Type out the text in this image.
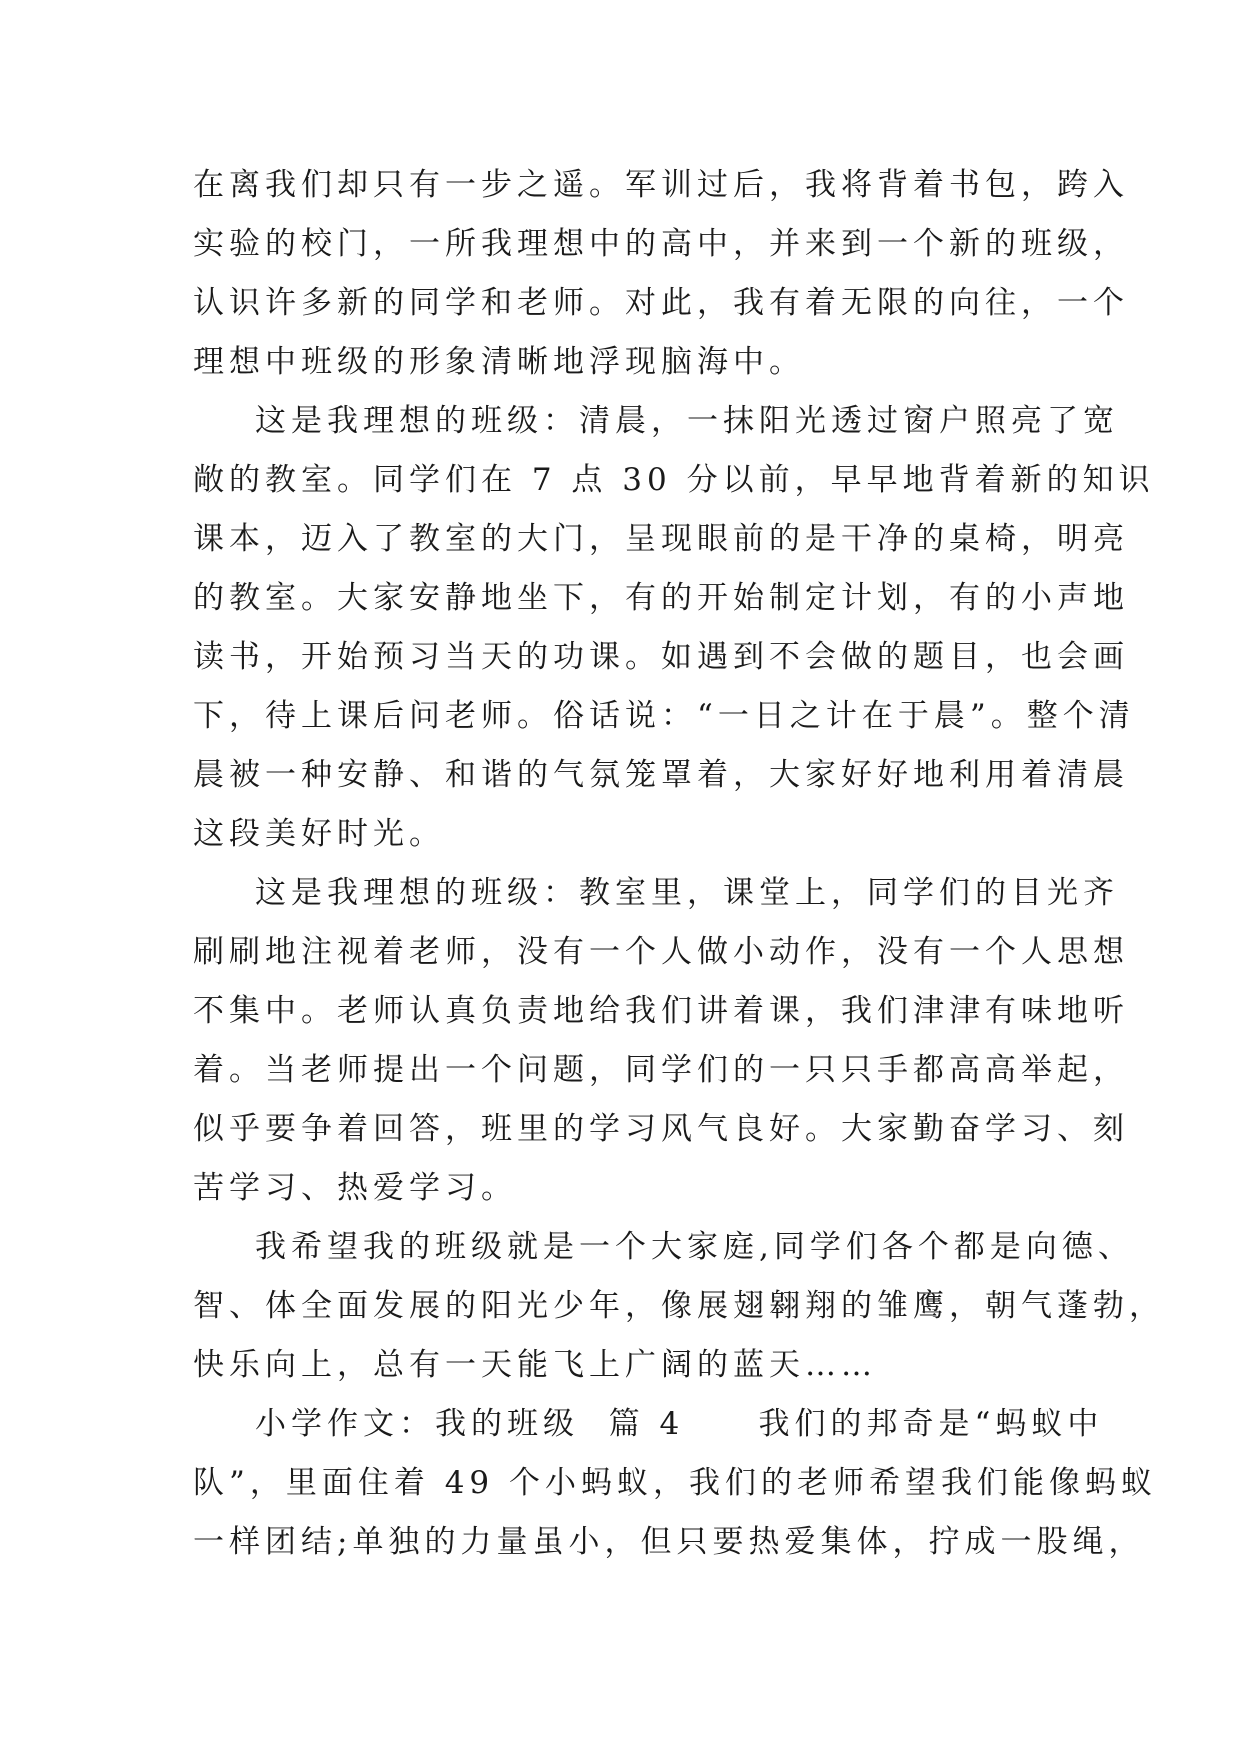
在离我们却只有一步之遥。军训过后，我将背着书包，跨入
实验的校门，一所我理想中的高中，并来到一个新的班级，
认识许多新的同学和老师。对此，我有着无限的向往，一个
理想中班级的形象清晰地浮现脑海中。
这是我理想的班级：清晨，一抹阳光透过窗户照亮了宽
敞的教室。同学们在 7 点 30 分以前，早早地背着新的知识
课本，迈入了教室的大门，呈现眼前的是干净的桌椅，明亮
的教室。大家安静地坐下，有的开始制定计划，有的小声地
读书，开始预习当天的功课。如遇到不会做的题目，也会画
下，待上课后问老师。俗话说：“一日之计在于晨”。整个清
晨被一种安静、和谐的气氛笼罩着，大家好好地利用着清晨
这段美好时光。
这是我理想的班级：教室里，课堂上，同学们的目光齐
刷刷地注视着老师，没有一个人做小动作，没有一个人思想
不集中。老师认真负责地给我们讲着课，我们津津有味地听
着。当老师提出一个问题，同学们的一只只手都高高举起，
似乎要争着回答，班里的学习风气良好。大家勤奋学习、刻
苦学习、热爱学习。
我希望我的班级就是一个大家庭,同学们各个都是向德、
智、体全面发展的阳光少年，像展翅翱翔的雏鹰，朝气蓬勃，
快乐向上，总有一天能飞上广阔的蓝天……
小学作文：我的班级  篇 4     我们的邦奇是“蚂蚁中
队”，里面住着 49 个小蚂蚁，我们的老师希望我们能像蚂蚁
一样团结;单独的力量虽小，但只要热爱集体，拧成一股绳，
